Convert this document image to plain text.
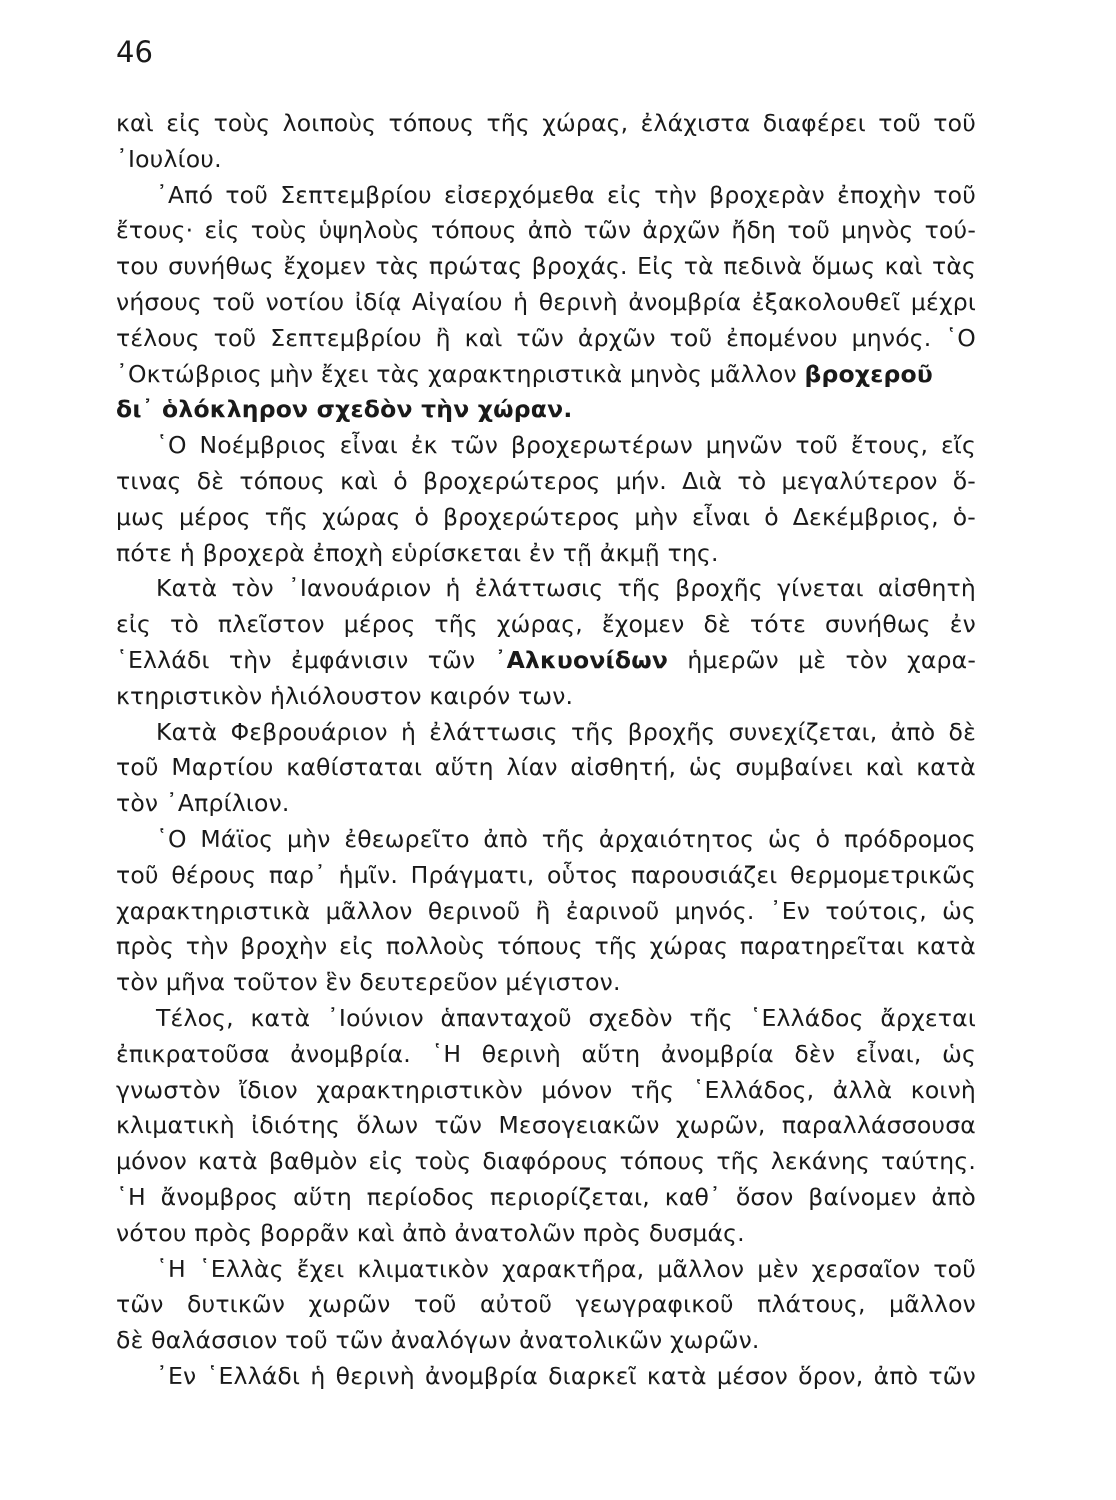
46
καὶ εἰς τοὺς λοιποὺς τόπους τῆς χώρας, ἐλάχιστα διαφέρει τοῦ τοῦ
᾿Ιουλίου.
᾿Από τοῦ Σεπτεμβρίου εἰσερχόμεθα εἰς τὴν βροχερὰν ἐποχὴν τοῦ
ἔτους· εἰς τοὺς ὑψηλοὺς τόπους ἀπὸ τῶν ἀρχῶν ἤδη τοῦ μηνὸς τού-
του συνήθως ἔχομεν τὰς πρώτας βροχάς. Εἰς τὰ πεδινὰ ὅμως καὶ τὰς
νήσους τοῦ νοτίου ἰδίᾳ Αἰγαίου ἡ θερινὴ ἀνομβρία ἐξακολουθεῖ μέχρι
τέλους τοῦ Σεπτεμβρίου ἢ καὶ τῶν ἀρχῶν τοῦ ἐπομένου μηνός. ῾Ο
᾿Οκτώβριος μὴν ἔχει τὰς χαρακτηριστικὰ μηνὸς μᾶλλον βροχεροῦ
δι᾿ ὁλόκληρον σχεδὸν τὴν χώραν.
῾Ο Νοέμβριος εἶναι ἐκ τῶν βροχερωτέρων μηνῶν τοῦ ἔτους, εἴς
τινας δὲ τόπους καὶ ὁ βροχερώτερος μήν. Διὰ τὸ μεγαλύτερον ὅ-
μως μέρος τῆς χώρας ὁ βροχερώτερος μὴν εἶναι ὁ Δεκέμβριος, ὁ-
πότε ἡ βροχερὰ ἐποχὴ εὑρίσκεται ἐν τῇ ἀκμῇ της.
Κατὰ τὸν ᾿Ιανουάριον ἡ ἐλάττωσις τῆς βροχῆς γίνεται αἰσθητὴ
εἰς τὸ πλεῖστον μέρος τῆς χώρας, ἔχομεν δὲ τότε συνήθως ἐν
῾Ελλάδι τὴν ἐμφάνισιν τῶν ᾿Αλκυονίδων ἡμερῶν μὲ τὸν χαρα-
κτηριστικὸν ἡλιόλουστον καιρόν των.
Κατὰ Φεβρουάριον ἡ ἐλάττωσις τῆς βροχῆς συνεχίζεται, ἀπὸ δὲ
τοῦ Μαρτίου καθίσταται αὕτη λίαν αἰσθητή, ὡς συμβαίνει καὶ κατὰ
τὸν ᾿Απρίλιον.
῾Ο Μάϊος μὴν ἐθεωρεῖτο ἀπὸ τῆς ἀρχαιότητος ὡς ὁ πρόδρομος
τοῦ θέρους παρ᾿ ἡμῖν. Πράγματι, οὗτος παρουσιάζει θερμομετρικῶς
χαρακτηριστικὰ μᾶλλον θερινοῦ ἢ ἐαρινοῦ μηνός. ᾿Εν τούτοις, ὡς
πρὸς τὴν βροχὴν εἰς πολλοὺς τόπους τῆς χώρας παρατηρεῖται κατὰ
τὸν μῆνα τοῦτον ἓν δευτερεῦον μέγιστον.
Τέλος, κατὰ ᾿Ιούνιον ἁπανταχοῦ σχεδὸν τῆς ῾Ελλάδος ἄρχεται
ἐπικρατοῦσα ἀνομβρία. ῾Η θερινὴ αὕτη ἀνομβρία δὲν εἶναι, ὡς
γνωστὸν ἴδιον χαρακτηριστικὸν μόνον τῆς ῾Ελλάδος, ἀλλὰ κοινὴ
κλιματικὴ ἰδιότης ὅλων τῶν Μεσογειακῶν χωρῶν, παραλλάσσουσα
μόνον κατὰ βαθμὸν εἰς τοὺς διαφόρους τόπους τῆς λεκάνης ταύτης.
῾Η ἄνομβρος αὕτη περίοδος περιορίζεται, καθ᾿ ὅσον βαίνομεν ἀπὸ
νότου πρὸς βορρᾶν καὶ ἀπὸ ἀνατολῶν πρὸς δυσμάς.
῾Η ῾Ελλὰς ἔχει κλιματικὸν χαρακτῆρα, μᾶλλον μὲν χερσαῖον τοῦ
τῶν δυτικῶν χωρῶν τοῦ αὐτοῦ γεωγραφικοῦ πλάτους, μᾶλλον
δὲ θαλάσσιον τοῦ τῶν ἀναλόγων ἀνατολικῶν χωρῶν.
᾿Εν ῾Ελλάδι ἡ θερινὴ ἀνομβρία διαρκεῖ κατὰ μέσον ὅρον, ἀπὸ τῶν
